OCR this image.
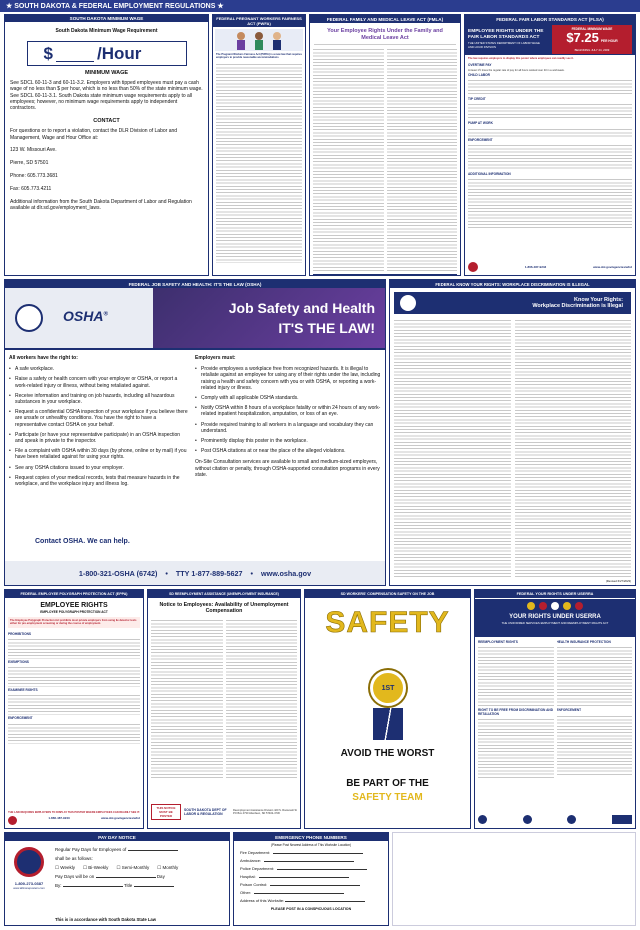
★ SOUTH DAKOTA & FEDERAL EMPLOYMENT REGULATIONS ★
SOUTH DAKOTA MINIMUM WAGE
South Dakota Minimum Wage Requirement
$	/Hour
MINIMUM WAGE
See SDCL 60-11-3 and 60-11-3.2. Employers with tipped employees must pay a cash wage of no less than $ per hour, which is no less than 50% of the state minimum wage. See SDCL 60-11-3.1. South Dakota state minimum wage requirements apply to all employees; however, no minimum wage requirements apply to independent contractors.
CONTACT
For questions or to report a violation, contact the DLR Division of Labor and Management, Wage and Hour Office at:
123 W. Missouri Ave.
Pierre, SD 57501
Phone: 605.773.3681
Fax: 605.773.4211
Additional information from the South Dakota Department of Labor and Regulation available at dlr.sd.gov/employment_laws.
FEDERAL PREGNANT WORKERS FAIRNESS ACT (PWFA)
The Pregnant Workers Fairness Act (PWFA) is a new law that requires employers to provide reasonable accommodations
FEDERAL FAMILY AND MEDICAL LEAVE ACT (FMLA)
Your Employee Rights Under the Family and Medical Leave Act
FEDERAL FAIR LABOR STANDARDS ACT (FLSA)
EMPLOYEE RIGHTS UNDER THE FAIR LABOR STANDARDS ACT
THE UNITED STATES DEPARTMENT OF LABOR WAGE AND HOUR DIVISION
FEDERAL MINIMUM WAGE
$7.25 PER HOUR
BEGINNING JULY 24, 2009
The law requires employers to display this poster where employees can readily see it.
OVERTIME PAY
At least 1½ times the regular rate of pay for all hours worked over 40 in a workweek.
CHILD LABOR
TIP CREDIT
PUMP AT WORK
ENFORCEMENT
ADDITIONAL INFORMATION
1-866-487-9243	www.dol.gov/agencies/whd
FEDERAL JOB SAFETY AND HEALTH: IT'S THE LAW (OSHA)
OSHA®	Job Safety and Health
IT'S THE LAW!
All workers have the right to:
• A safe workplace.
• Raise a safety or health concern with your employer or OSHA, or report a work-related injury or illness, without being retaliated against.
• Receive information and training on job hazards, including all hazardous substances in your workplace.
• Request a confidential OSHA inspection of your workplace if you believe there are unsafe or unhealthy conditions. You have the right to have a representative contact OSHA on your behalf.
• Participate (or have your representative participate) in an OSHA inspection and speak in private to the inspector.
• File a complaint with OSHA within 30 days (by phone, online or by mail) if you have been retaliated against for using your rights.
• See any OSHA citations issued to your employer.
• Request copies of your medical records, tests that measure hazards in the workplace, and the workplace injury and illness log.
Employers must:
• Provide employees a workplace free from recognized hazards. It is illegal to retaliate against an employee for using any of their rights under the law, including raising a health and safety concern with you or with OSHA, or reporting a work-related injury or illness.
• Comply with all applicable OSHA standards.
• Notify OSHA within 8 hours of a workplace fatality or within 24 hours of any work-related inpatient hospitalization, amputation, or loss of an eye.
• Provide required training to all workers in a language and vocabulary they can understand.
• Prominently display this poster in the workplace.
• Post OSHA citations at or near the place of the alleged violations.
On-Site Consultation services are available to small and medium-sized employers, without citation or penalty, through OSHA-supported consultation programs in every state.
Contact OSHA. We can help.
1-800-321-OSHA (6742) • TTY 1-877-889-5627 • www.osha.gov
FEDERAL KNOW YOUR RIGHTS: WORKPLACE DISCRIMINATION IS ILLEGAL
Know Your Rights:
Workplace Discrimination is Illegal
(Revised 6/27/2023)
FEDERAL EMPLOYEE POLYGRAPH PROTECTION ACT (EPPA)
EMPLOYEE RIGHTS
EMPLOYEE POLYGRAPH PROTECTION ACT
The Employee Polygraph Protection Act prohibits most private employers from using lie detector tests either for pre-employment screening or during the course of employment.
PROHIBITIONS
EXEMPTIONS
EXAMINEE RIGHTS
ENFORCEMENT
THE LAW REQUIRES EMPLOYERS TO DISPLAY THIS POSTER WHERE EMPLOYEES CAN READILY SEE IT.
1-866-487-9243	www.dol.gov/agencies/whd
SD REEMPLOYMENT ASSISTANCE (UNEMPLOYMENT INSURANCE)
Notice to Employees: Availability of Unemployment Compensation
THIS NOTICE MUST BE POSTED
SOUTH DAKOTA DEPT OF LABOR & REGULATION
Reemployment Assistance Division 420 S. Roosevelt St PO Box 4730 Aberdeen, SD 57402-4730
SD WORKERS' COMPENSATION SAFETY ON THE JOB
SAFETY
1ST
AVOID THE WORST
BE PART OF THE
SAFETY TEAM
FEDERAL YOUR RIGHTS UNDER USERRA
YOUR RIGHTS UNDER USERRA
THE UNIFORMED SERVICES EMPLOYMENT AND REEMPLOYMENT RIGHTS ACT
REEMPLOYMENT RIGHTS
RIGHT TO BE FREE FROM DISCRIMINATION AND RETALIATION
HEALTH INSURANCE PROTECTION
ENFORCEMENT
PAY DAY NOTICE
1-800-273-0387
www.allinoneposters.com
Regular Pay Days for Employees of
shall be as follows:
☐ Weekly ☐ Bi-Weekly ☐ Semi-Monthly ☐ Monthly
Pay Days will be on	Day
By:	Title
This is in accordance with South Dakota State Law
EMERGENCY PHONE NUMBERS
(Please Post Nearest Address of This Worksite Location)
Fire Department:
Ambulance:
Police Department:
Hospital:
Poison Control:
Other:
Address of this Worksite:
PLEASE POST IN A CONSPICUOUS LOCATION
